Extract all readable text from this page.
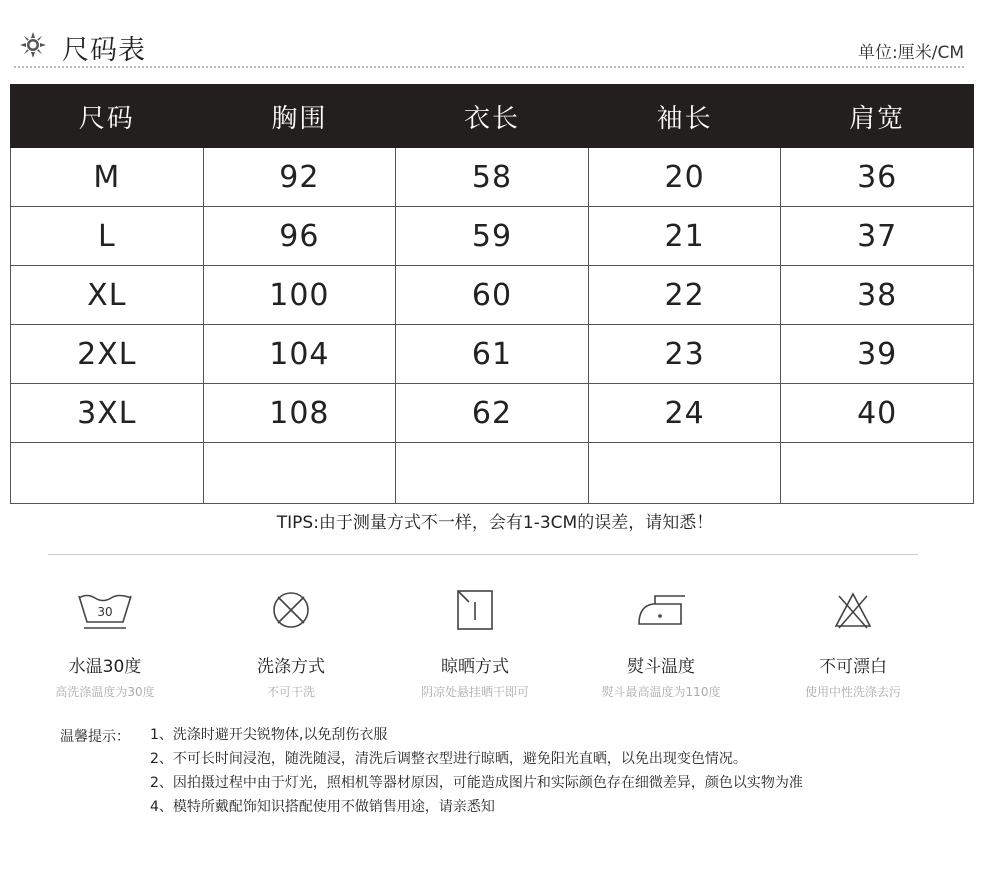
尺码表	单位:厘米/CM
尺码	胸围	衣长	袖长	肩宽
M	92	58	20	36
L	96	59	21	37
XL	100	60	22	38
2XL	104	61	23	39
3XL	108	62	24	40

TIPS:由于测量方式不一样，会有1-3CM的误差，请知悉！
30
水温30度
高洗涤温度为30度
洗涤方式
不可干洗
晾晒方式
阴凉处悬挂晒干即可
熨斗温度
熨斗最高温度为110度
不可漂白
使用中性洗涤去污
温馨提示： 1、洗涤时避开尖锐物体,以免刮伤衣服
2、不可长时间浸泡，随洗随浸，清洗后调整衣型进行晾晒，避免阳光直晒，以免出现变色情况。
2、因拍摄过程中由于灯光，照相机等器材原因，可能造成图片和实际颜色存在细微差异，颜色以实物为准
4、模特所戴配饰知识搭配使用不做销售用途，请亲悉知
